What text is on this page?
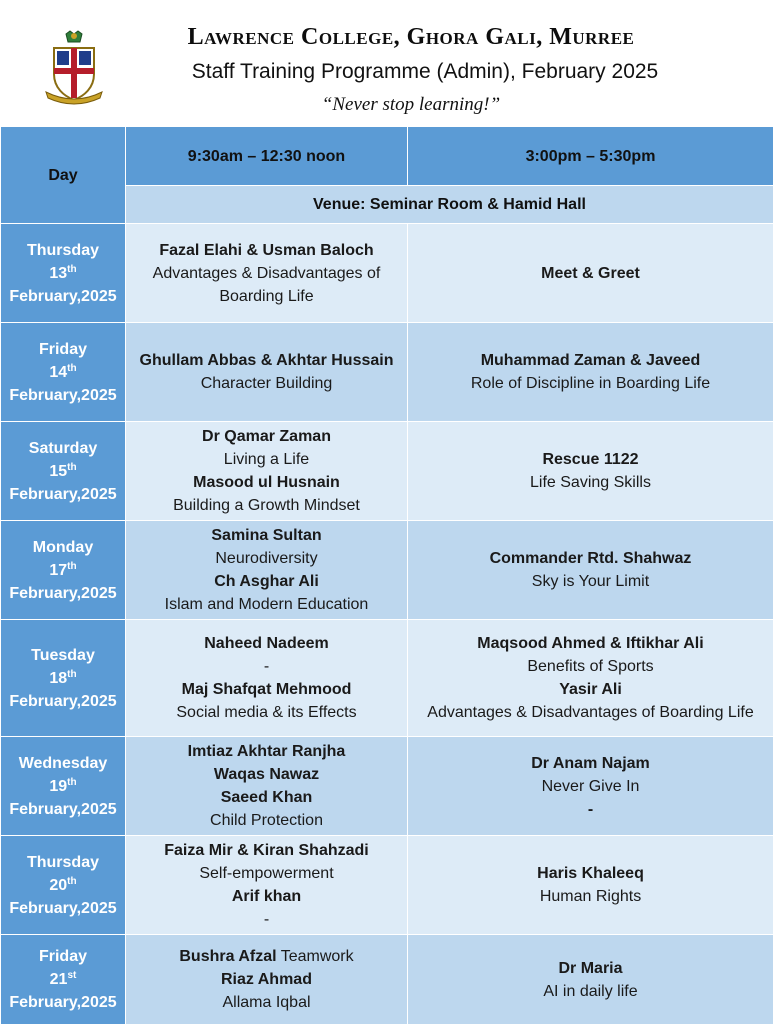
Lawrence College, Ghora Gali, Murree
Staff Training Programme (Admin), February 2025
“Never stop learning!”
Day	9:30am – 12:30 noon	3:00pm – 5:30pm
	Venue: Seminar Room & Hamid Hall	

Thursday
13th
February,2025	Fazal Elahi & Usman Baloch
Advantages & Disadvantages of
Boarding Life	Meet & Greet

Friday
14th
February,2025	Ghullam Abbas & Akhtar Hussain
Character Building	Muhammad Zaman & Javeed
Role of Discipline in Boarding Life

Saturday
15th
February,2025	Dr Qamar Zaman
Living a Life
Masood ul Husnain
Building a Growth Mindset	Rescue 1122
Life Saving Skills

Monday
17th
February,2025	Samina Sultan
Neurodiversity
Ch Asghar Ali
Islam and Modern Education	Commander Rtd. Shahwaz
Sky is Your Limit

Tuesday
18th
February,2025	Naheed Nadeem
-
Maj Shafqat Mehmood
Social media & its Effects	Maqsood Ahmed & Iftikhar Ali
Benefits of Sports
Yasir Ali
Advantages & Disadvantages of Boarding Life

Wednesday
19th
February,2025	Imtiaz Akhtar Ranjha
Waqas Nawaz
Saeed Khan
Child Protection	Dr Anam Najam
Never Give In
-

Thursday
20th
February,2025	Faiza Mir & Kiran Shahzadi
Self-empowerment
Arif khan
-	Haris Khaleeq
Human Rights

Friday
21st
February,2025	Bushra Afzal Teamwork
Riaz Ahmad
Allama Iqbal	Dr Maria
AI in daily life
